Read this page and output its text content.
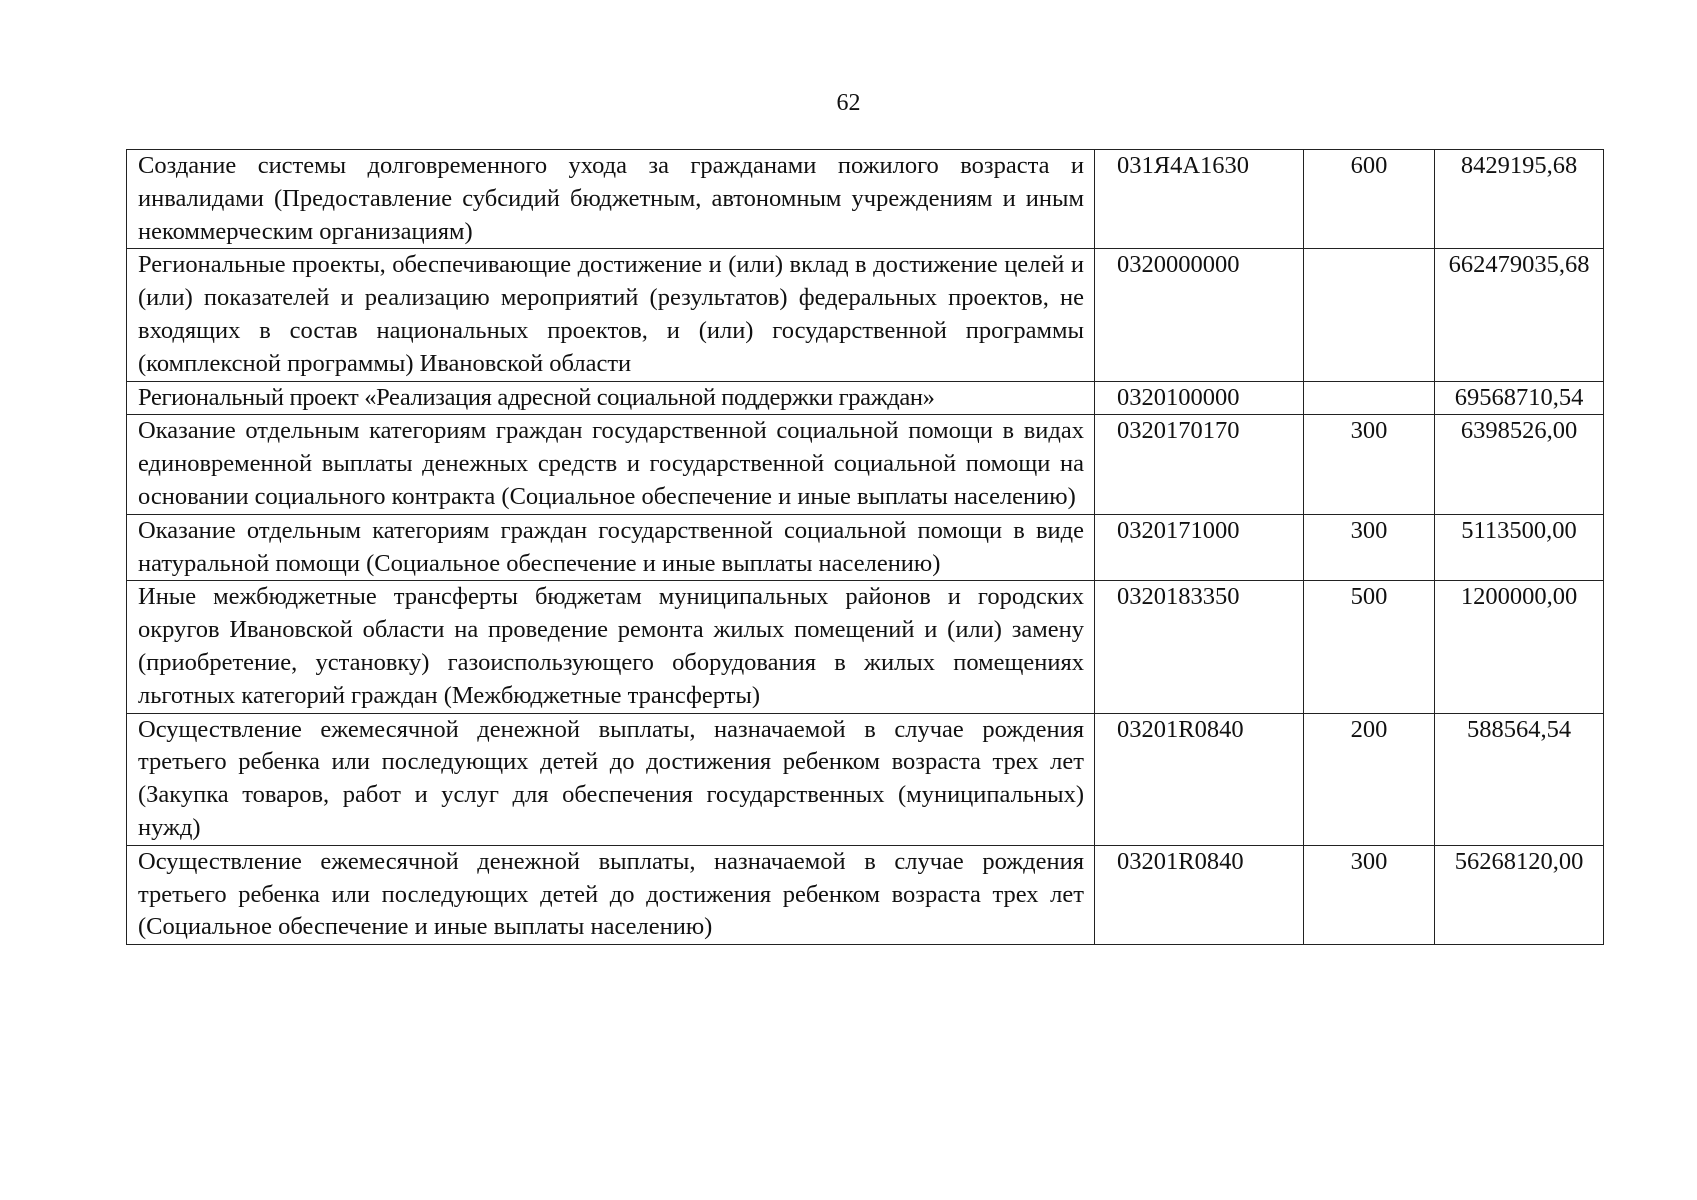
62
Создание системы долговременного ухода за гражданами пожилого возраста и инвалидами (Предоставление субсидий бюджетным, автономным учреждениям и иным некоммерческим организациям)	031Я4А1630	600	8429195,68

Региональные проекты, обеспечивающие достижение и (или) вклад в достижение целей и (или) показателей и реализацию мероприятий (результатов) федеральных проектов, не входящих в состав национальных проектов, и (или) государственной программы (комплексной программы) Ивановской области	0320000000		662479035,68

Региональный проект «Реализация адресной социальной поддержки граждан»	0320100000		69568710,54

Оказание отдельным категориям граждан государственной социальной помощи в видах единовременной выплаты денежных средств и государственной социальной помощи на основании социального контракта (Социальное обеспечение и иные выплаты населению)	0320170170	300	6398526,00

Оказание отдельным категориям граждан государственной социальной помощи в виде натуральной помощи (Социальное обеспечение и иные выплаты населению)	0320171000	300	5113500,00

Иные межбюджетные трансферты бюджетам муниципальных районов и городских округов Ивановской области на проведение ремонта жилых помещений и (или) замену (приобретение, установку) газоиспользующего оборудования в жилых помещениях льготных категорий граждан (Межбюджетные трансферты)	0320183350	500	1200000,00

Осуществление ежемесячной денежной выплаты, назначаемой в случае рождения третьего ребенка или последующих детей до достижения ребенком возраста трех лет (Закупка товаров, работ и услуг для обеспечения государственных (муниципальных) нужд)	03201R0840	200	588564,54

Осуществление ежемесячной денежной выплаты, назначаемой в случае рождения третьего ребенка или последующих детей до достижения ребенком возраста трех лет (Социальное обеспечение и иные выплаты населению)	03201R0840	300	56268120,00
